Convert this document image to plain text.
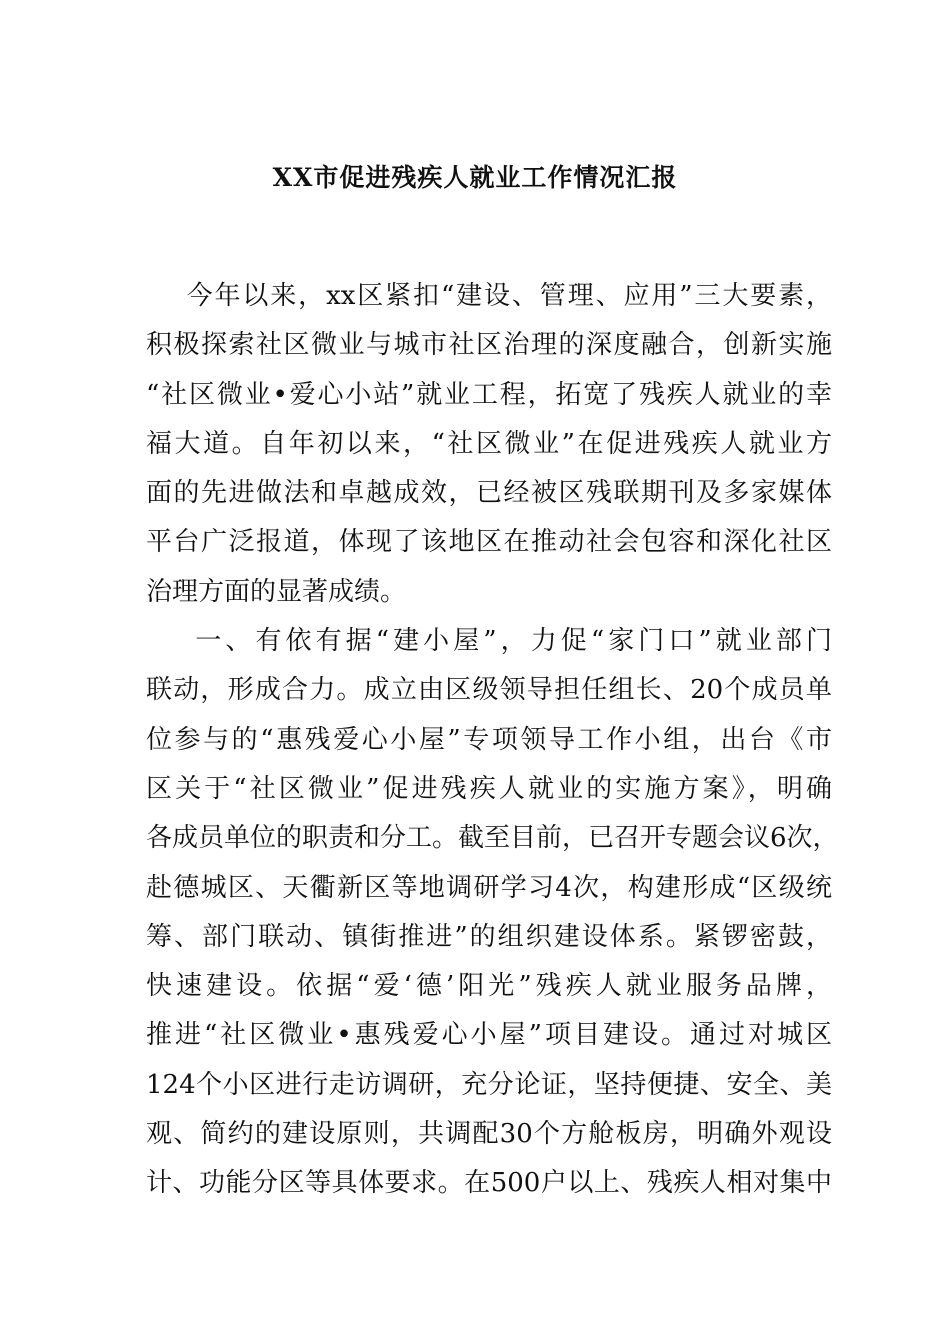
XX市促进残疾人就业工作情况汇报
今年以来，xx区紧扣“建设、管理、应用”三大要素，
积极探索社区微业与城市社区治理的深度融合，创新实施
“社区微业•爱心小站”就业工程，拓宽了残疾人就业的幸
福大道。自年初以来，“社区微业”在促进残疾人就业方
面的先进做法和卓越成效，已经被区残联期刊及多家媒体
平台广泛报道，体现了该地区在推动社会包容和深化社区
治理方面的显著成绩。
一、有依有据“建小屋”，力促“家门口”就业部门
联动，形成合力。成立由区级领导担任组长、20个成员单
位参与的“惠残爱心小屋”专项领导工作小组，出台《市
区关于“社区微业”促进残疾人就业的实施方案》，明确
各成员单位的职责和分工。截至目前，已召开专题会议6次，
赴德城区、天衢新区等地调研学习4次，构建形成“区级统
筹、部门联动、镇街推进”的组织建设体系。紧锣密鼓，
快速建设。依据“爱‘德’阳光”残疾人就业服务品牌，
推进“社区微业•惠残爱心小屋”项目建设。通过对城区
124个小区进行走访调研，充分论证，坚持便捷、安全、美
观、简约的建设原则，共调配30个方舱板房，明确外观设
计、功能分区等具体要求。在500户以上、残疾人相对集中
